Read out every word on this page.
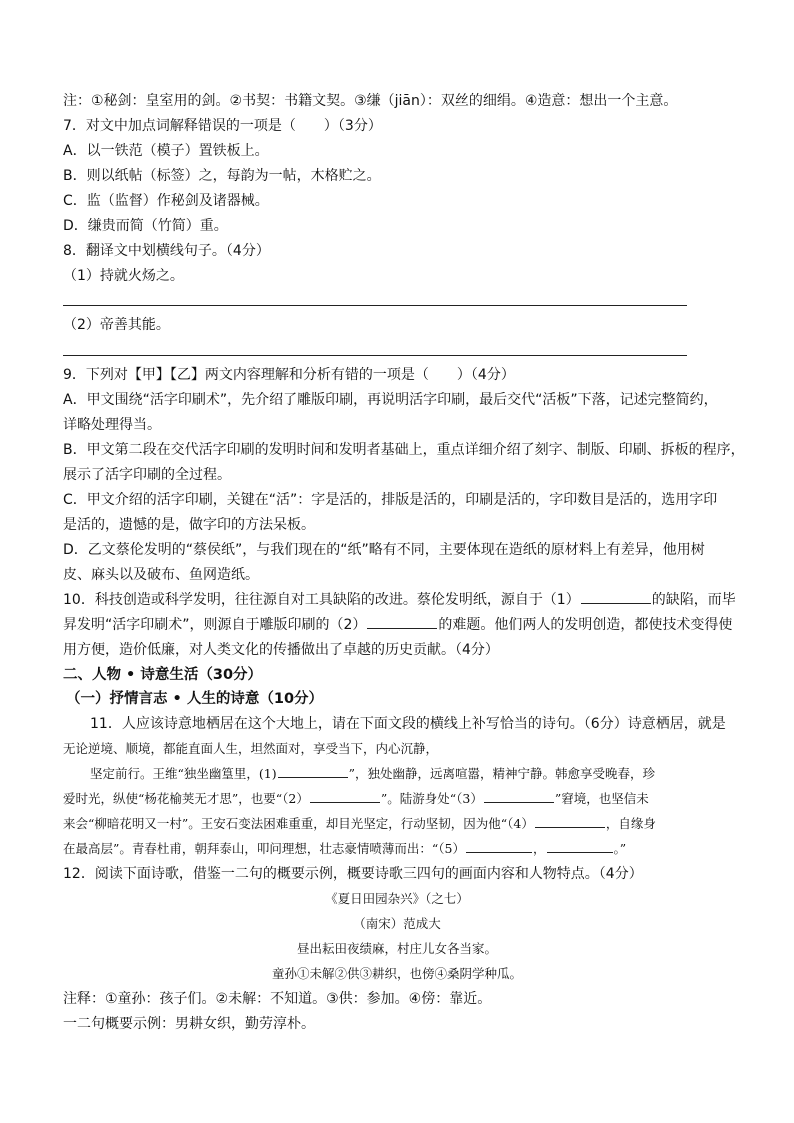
注：①秘剑：皇室用的剑。②书契：书籍文契。③缣（jiān）：双丝的细绢。④造意：想出一个主意。
7．对文中加点词解释错误的一项是（　　）（3分）
A．以一铁范（模子）置铁板上。
B．则以纸帖（标签）之，每韵为一帖，木格贮之。
C．监（监督）作秘剑及诸器械。
D．缣贵而简（竹简）重。
8．翻译文中划横线句子。（4分）
（1）持就火炀之。
（2）帝善其能。
9．下列对【甲】【乙】两文内容理解和分析有错的一项是（　　）（4分）
A．甲文围绕“活字印刷术”，先介绍了雕版印刷，再说明活字印刷，最后交代“活板”下落，记述完整简约，
详略处理得当。
B．甲文第二段在交代活字印刷的发明时间和发明者基础上，重点详细介绍了刻字、制版、印刷、拆板的程序，
展示了活字印刷的全过程。
C．甲文介绍的活字印刷，关键在“活”：字是活的，排版是活的，印刷是活的，字印数目是活的，选用字印
是活的，遗憾的是，做字印的方法呆板。
D．乙文蔡伦发明的“蔡侯纸”，与我们现在的“纸”略有不同，主要体现在造纸的原材料上有差异，他用树
皮、麻头以及破布、鱼网造纸。
10．科技创造或科学发明，往往源自对工具缺陷的改进。蔡伦发明纸，源自于（1）	的缺陷，而毕
昇发明“活字印刷术”，则源自于雕版印刷的（2）	的难题。他们两人的发明创造，都使技术变得使
用方便，造价低廉，对人类文化的传播做出了卓越的历史贡献。（4分）
二、人物 • 诗意生活（30分）
（一）抒情言志 • 人生的诗意（10分）
11．人应该诗意地栖居在这个大地上，请在下面文段的横线上补写恰当的诗句。（6分）诗意栖居，就是
无论逆境、顺境，都能直面人生，坦然面对，享受当下，内心沉静，
坚定前行。王维“独坐幽篁里，(1)	”，独处幽静，远离喧嚣，精神宁静。韩愈享受晚春，珍
爱时光，纵使“杨花榆荚无才思”，也要“（2）	”。陆游身处“（3）	”窘境，也坚信未
来会“柳暗花明又一村”。王安石变法困难重重，却目光坚定，行动坚韧，因为他“（4）	，自缘身
在最高层”。青春杜甫，朝拜泰山，叩问理想，壮志豪情喷薄而出：“（5）	，	。”
12．阅读下面诗歌，借鉴一二句的概要示例，概要诗歌三四句的画面内容和人物特点。（4分）
《夏日田园杂兴》（之七）
（南宋）范成大
昼出耘田夜绩麻，村庄儿女各当家。
童孙①未解②供③耕织，也傍④桑阴学种瓜。
注释：①童孙：孩子们。②未解：不知道。③供：参加。④傍：靠近。
一二句概要示例：男耕女织，勤劳淳朴。
